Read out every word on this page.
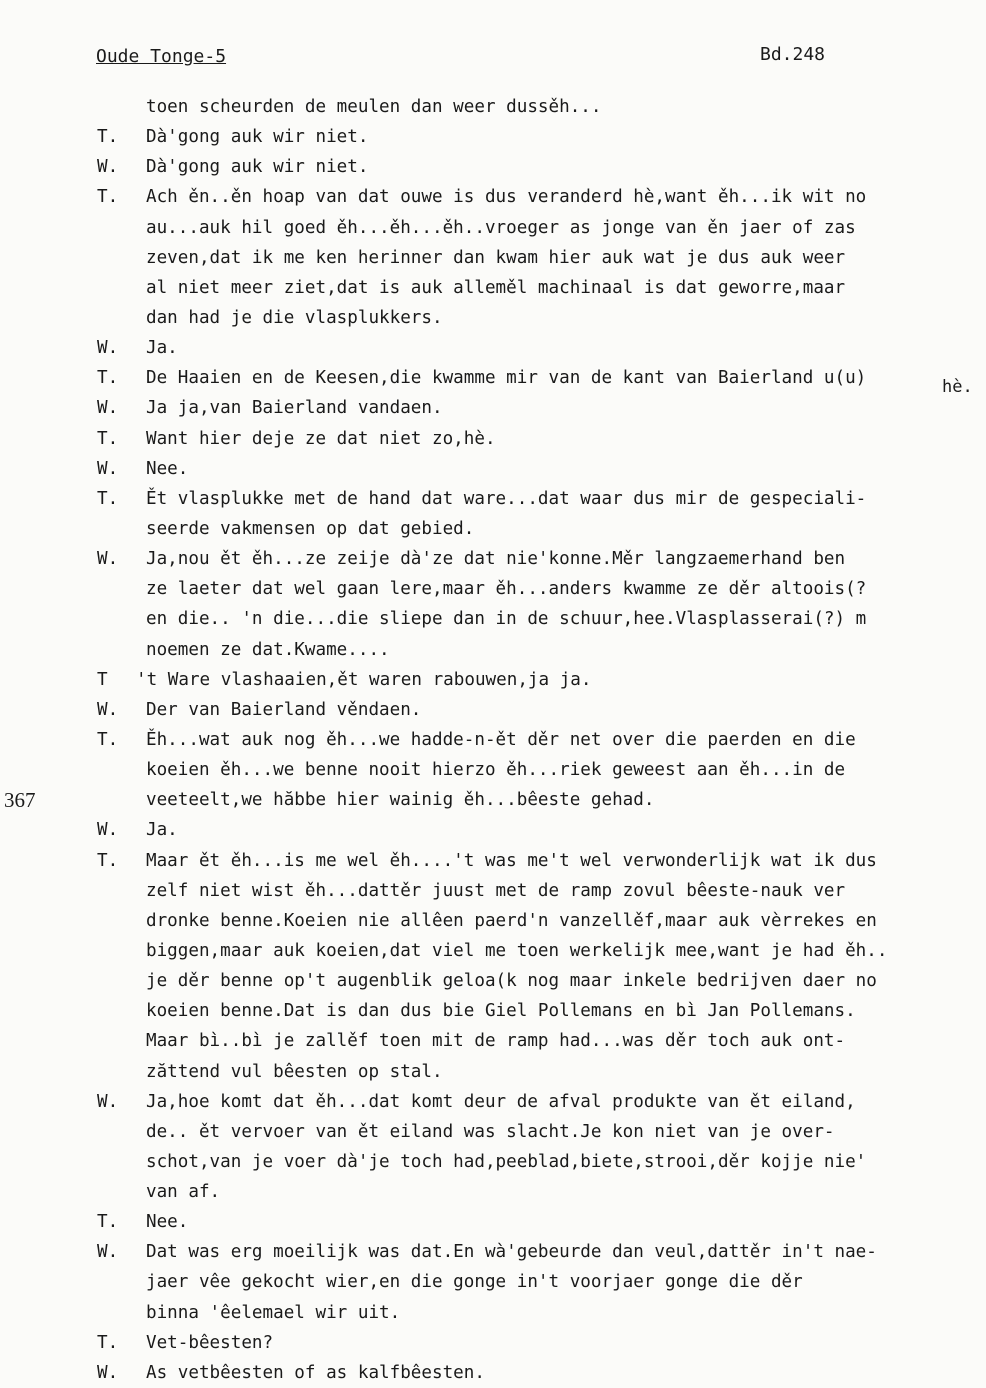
Oude Tonge-5	Bd.248
367
toen scheurden de meulen dan weer dussěh...
T. Dà'gong auk wir niet.
W. Dà'gong auk wir niet.
T. Ach ěn..ěn hoap van dat ouwe is dus veranderd hè,want ěh...ik wit no
au...auk hil goed ěh...ěh...ěh..vroeger as jonge van ěn jaer of zas
zeven,dat ik me ken herinner dan kwam hier auk wat je dus auk weer
al niet meer ziet,dat is auk alleměl machinaal is dat geworre,maar
dan had je die vlasplukkers.
W. Ja.
T. De Haaien en de Keesen,die kwamme mir van de kant van Baierland u(u)	hè.
W. Ja ja,van Baierland vandaen.
T. Want hier deje ze dat niet zo,hè.
W. Nee.
T. Ět vlasplukke met de hand dat ware...dat waar dus mir de gespeciali-
seerde vakmensen op dat gebied.
W. Ja,nou ět ěh...ze zeije dà'ze dat nie'konne.Měr langzaemerhand ben
ze laeter dat wel gaan lere,maar ěh...anders kwamme ze děr altoois(?
en die.. 'n die...die sliepe dan in de schuur,hee.Vlasplasserai(?) m
noemen ze dat.Kwame....
T 't Ware vlashaaien,ět waren rabouwen,ja ja.
W. Der van Baierland věndaen.
T. Ěh...wat auk nog ěh...we hadde-n-ět děr net over die paerden en die
koeien ěh...we benne nooit hierzo ěh...riek geweest aan ěh...in de
veeteelt,we hăbbe hier wainig ěh...bêeste gehad.
W. Ja.
T. Maar ět ěh...is me wel ěh....'t was me't wel verwonderlijk wat ik dus
zelf niet wist ěh...dattěr juust met de ramp zovul bêeste-nauk ver
dronke benne.Koeien nie allêen paerd'n vanzellěf,maar auk vèrrekes en
biggen,maar auk koeien,dat viel me toen werkelijk mee,want je had ěh..
je děr benne op't augenblik geloa(k nog maar inkele bedrijven daer no
koeien benne.Dat is dan dus bie Giel Pollemans en bì Jan Pollemans.
Maar bì..bì je zallěf toen mit de ramp had...was děr toch auk ont-
zăttend vul bêesten op stal.
W. Ja,hoe komt dat ěh...dat komt deur de afval produkte van ět eiland,
de.. ět vervoer van ět eiland was slacht.Je kon niet van je over-
schot,van je voer dà'je toch had,peeblad,biete,strooi,děr kojje nie'
van af.
T. Nee.
W. Dat was erg moeilijk was dat.En wà'gebeurde dan veul,dattěr in't nae-
jaer vêe gekocht wier,en die gonge in't voorjaer gonge die děr
binna 'êelemael wir uit.
T. Vet-bêesten?
W. As vetbêesten of as kalfbêesten.
